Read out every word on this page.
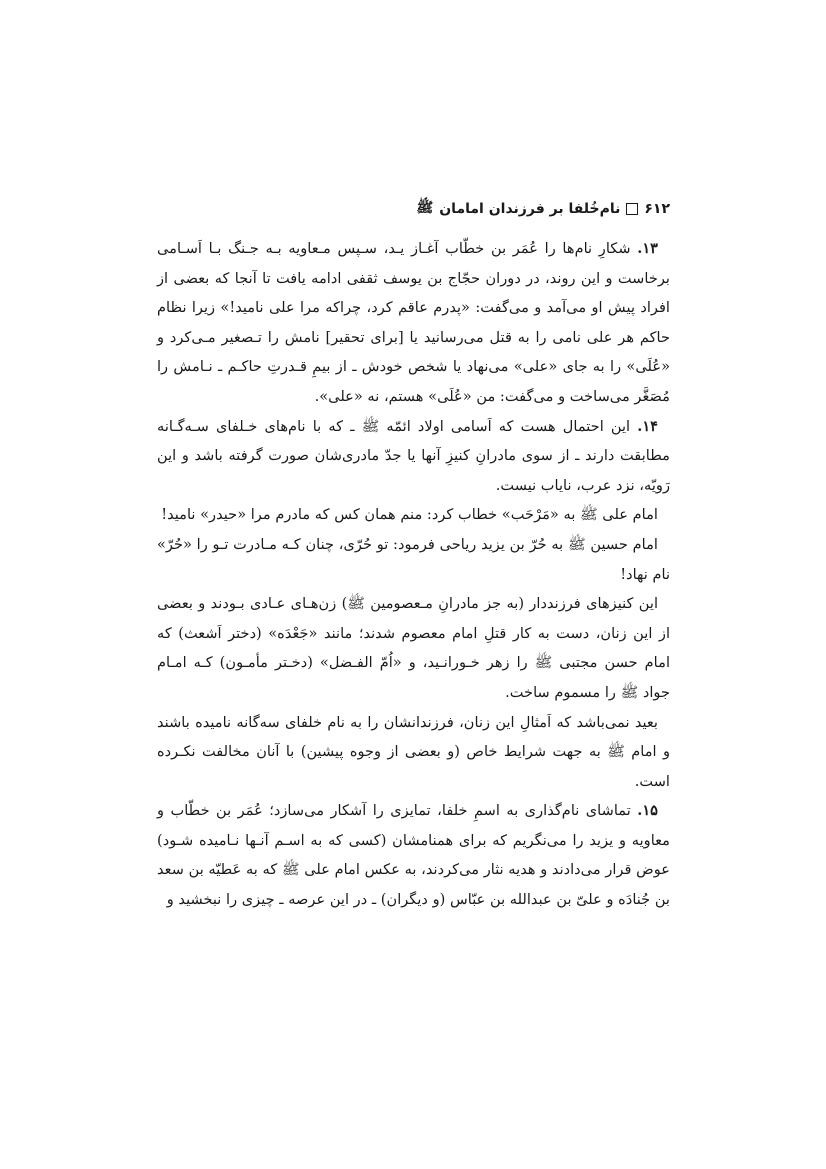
۶۱۲
نام‌خُلفا بر فرزندان امامان
ﷺ

۱۳. شکارِ نام‌ها را عُمَر بن خطّاب آغـاز یـد، سـپس مـعاویه بـه جـنگ بـا اَسـامی برخاست و این روند، در دوران حجّاج بن یوسف ثقفی ادامه یافت تا آنجا که بعضی از افراد پیش او می‌آمد و می‌گفت: «پدرم عاقم کرد، چراکه مرا علی نامید!» زیرا نظام حاکم هر علی نامی را به قتل می‌رسانید یا [برای تحقیر] نامش را تـصغیر مـی‌کرد و «عُلَی» را به جای «علی» می‌نهاد یا شخص خودش ـ از بیمِ قـدرتِ حاکـم ـ نـامش را مُصَغَّر می‌ساخت و می‌گفت: من «عُلَی» هستم، نه «علی».

۱۴. این احتمال هست که اَسامی اولاد ائمّه ﷺ ـ که با نام‌های خـلفای سـه‌گـانه مطابقت دارند ـ از سوی مادرانِ کنیزِ آنها یا جدّ مادری‌شان صورت گرفته باشد و این رَویّه، نزد عرب، نایاب نیست.

امام علی ﷺ به «مَرْحَب» خطاب کرد: منم همان کس که مادرم مرا «حیدر» نامید!

امام حسین ﷺ به حُرّ بن یزید ریاحی فرمود: تو حُرّی، چنان کـه مـادرت تـو را «حُرّ» نام نهاد!

این کنیزهای فرزنددار (به جز مادرانِ مـعصومین ﷺ) زن‌هـای عـادی بـودند و بعضی از این زنان، دست به کار قتلِ امام معصوم شدند؛ مانند «جَعْدَه» (دختر اَشعث) که امام حسن مجتبی ﷺ را زهر خـورانـید، و «اُمّ الفـضل» (دخـتر مأمـون) کـه امـام جواد ﷺ را مسموم ساخت.

بعید نمی‌باشد که اَمثالِ این زنان، فرزندانشان را به نام خلفای سه‌گانه نامیده باشند و امام ﷺ به جهت شرایط خاص (و بعضی از وجوه پیشین) با آنان مخالفت نکـرده است.

۱۵. تماشای نام‌گذاری به اسمِ خلفا، تمایزی را آشکار می‌سازد؛ عُمَر بن خطّاب و معاویه و یزید را می‌نگریم که برای همنامشان (کسی که به اسـم آنـها نـامیده شـود) عوض قرار می‌دادند و هدیه نثار می‌کردند، به عکس امام علی ﷺ که به عَطیّه بن سعد بن جُنادَه و علیّ بن عبدالله بن عبّاس (و دیگران) ـ در این عرصه ـ چیزی را نبخشید و
